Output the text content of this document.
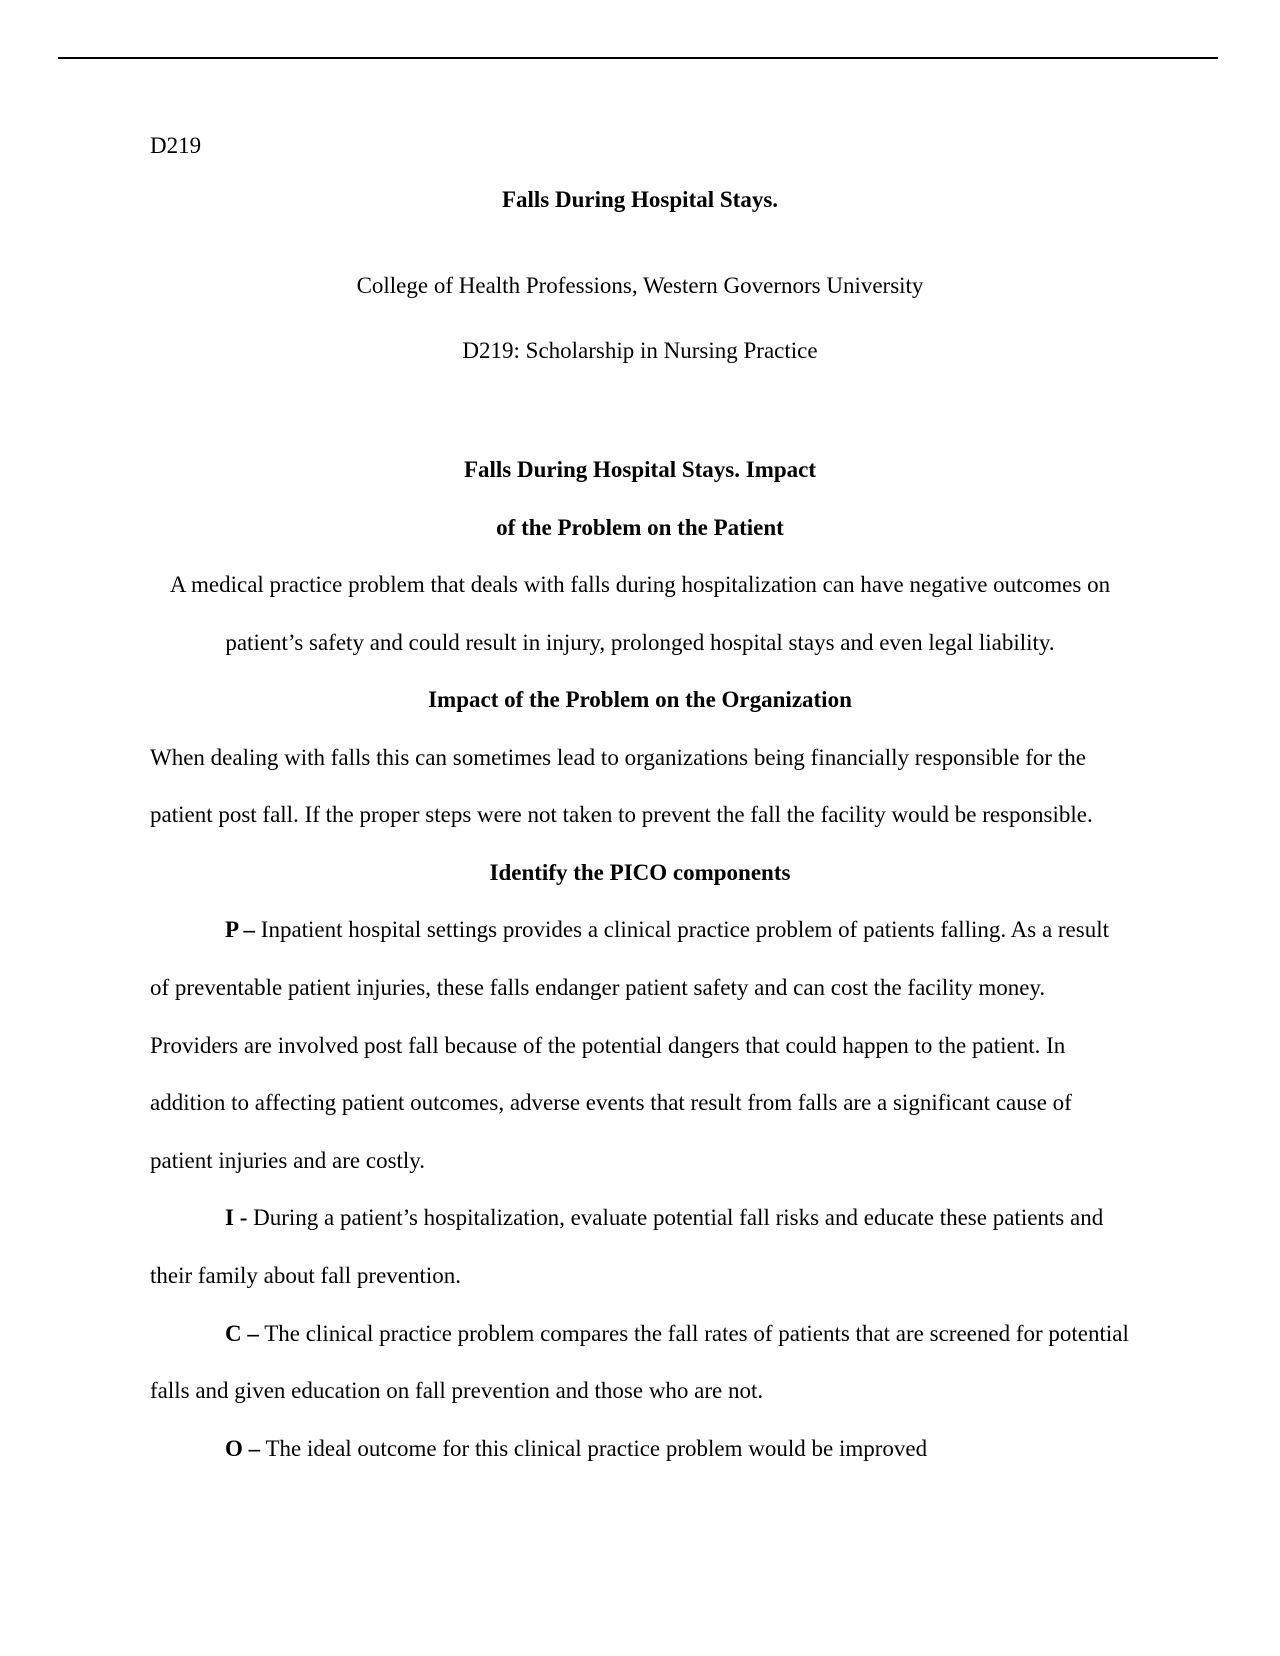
D219
Falls During Hospital Stays.
College of Health Professions, Western Governors University
D219: Scholarship in Nursing Practice

Falls During Hospital Stays. Impact

of the Problem on the Patient

A medical practice problem that deals with falls during hospitalization can have negative outcomes on patient’s safety and could result in injury, prolonged hospital stays and even legal liability.

Impact of the Problem on the Organization

When dealing with falls this can sometimes lead to organizations being financially responsible for the patient post fall. If the proper steps were not taken to prevent the fall the facility would be responsible.

Identify the PICO components

P – Inpatient hospital settings provides a clinical practice problem of patients falling. As a result of preventable patient injuries, these falls endanger patient safety and can cost the facility money. Providers are involved post fall because of the potential dangers that could happen to the patient. In addition to affecting patient outcomes, adverse events that result from falls are a significant cause of patient injuries and are costly.

I - During a patient’s hospitalization, evaluate potential fall risks and educate these patients and their family about fall prevention.

C – The clinical practice problem compares the fall rates of patients that are screened for potential falls and given education on fall prevention and those who are not.

O – The ideal outcome for this clinical practice problem would be improved
